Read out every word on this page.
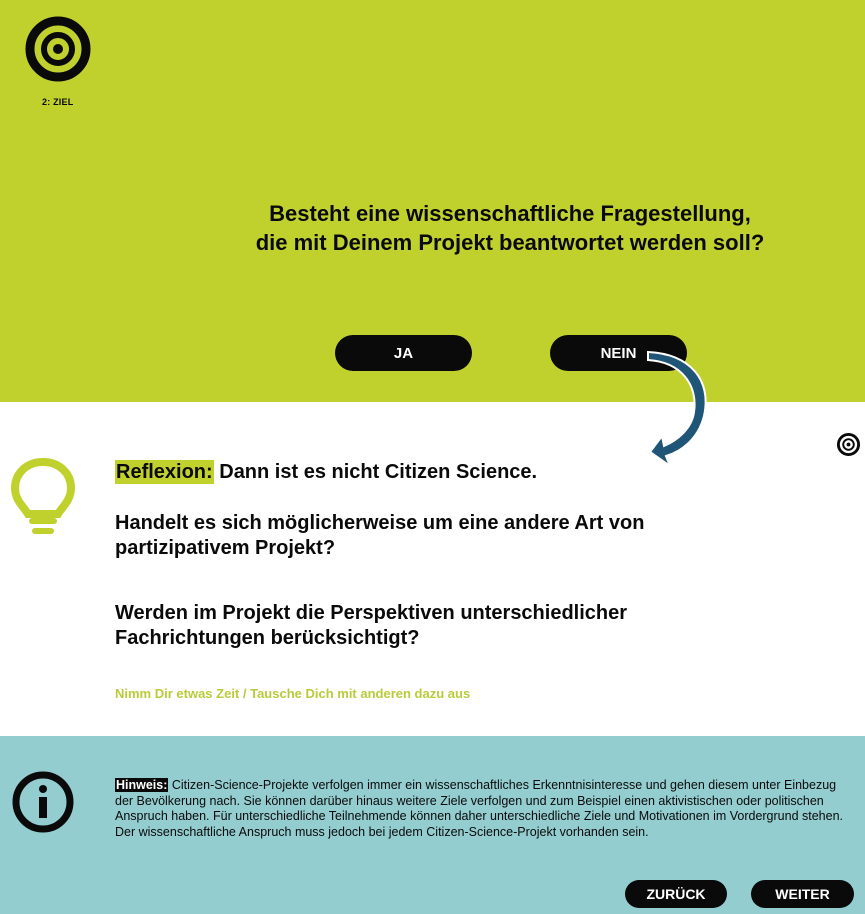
2: ZIEL
Besteht eine wissenschaftliche Fragestellung,
die mit Deinem Projekt beantwortet werden soll?
JA	NEIN
Reflexion: Dann ist es nicht Citizen Science.
Handelt es sich möglicherweise um eine andere Art von partizipativem Projekt?
Werden im Projekt die Perspektiven unterschiedlicher Fachrichtungen berücksichtigt?
Nimm Dir etwas Zeit / Tausche Dich mit anderen dazu aus
Hinweis: Citizen-Science-Projekte verfolgen immer ein wissenschaftliches Erkenntnisinteresse und gehen diesem unter Einbezug der Bevölkerung nach. Sie können darüber hinaus weitere Ziele verfolgen und zum Beispiel einen aktivistischen oder politischen Anspruch haben. Für unterschiedliche Teilnehmende können daher unterschiedliche Ziele und Motivationen im Vordergrund stehen. Der wissenschaftliche Anspruch muss jedoch bei jedem Citizen-Science-Projekt vorhanden sein.
ZURÜCK	WEITER
